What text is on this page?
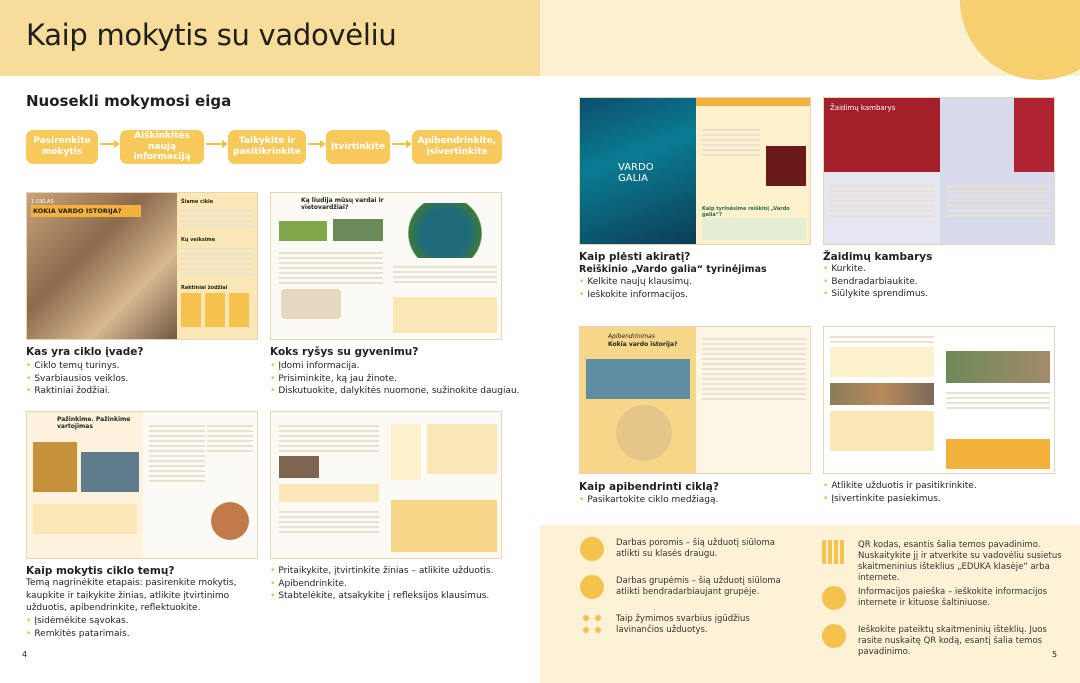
Kaip mokytis su vadovėliu
Nuosekli mokymosi eiga
Pasirenkite mokytis
Aiškinkitės naują informaciją
Taikykite ir pasitikrinkite
Įtvirtinkite
Apibendrinkite, įsivertinkite
1 CIKLAS
KOKIA VARDO ISTORIJA?
Šiame cikle
Kų veiksime
Raktiniai žodžiai
Ką liudija mūsų vardai ir vietovardžiai?
Kas yra ciklo įvade?
• Ciklo temų turinys.
• Svarbiausios veiklos.
• Raktiniai žodžiai.
Koks ryšys su gyvenimu?
• Įdomi informacija.
• Prisiminkite, ką jau žinote.
• Diskutuokite, dalykitės nuomone, sužinokite daugiau.
Pažinkime. Pažinkime vartojimas
Kaip mokytis ciklo temų?
Temą nagrinėkite etapais: pasirenkite mokytis, kaupkite ir taikykite žinias, atlikite įtvirtinimo užduotis, apibendrinkite, reflektuokite.
• Įsidėmėkite sąvokas.
• Remkitės patarimais.
• Pritaikykite, įtvirtinkite žinias – atlikite užduotis.
• Apibendrinkite.
• Stabtelėkite, atsakykite į refleksijos klausimus.
VARDO GALIA
Kaip tyrinėsime reiškinį „Vardo galia“?
Žaidimų kambarys
Kaip plėsti akiratį?
Reiškinio „Vardo galia“ tyrinėjimas
• Kelkite naujų klausimų.
• Ieškokite informacijos.
Žaidimų kambarys
• Kurkite.
• Bendradarbiaukite.
• Siūlykite sprendimus.
Apibendrinimas
Kokia vardo istorija?
Kaip apibendrinti ciklą?
• Pasikartokite ciklo medžiagą.
• Atlikite užduotis ir pasitikrinkite.
• Įsivertinkite pasiekimus.
Darbas poromis – šią užduotį siūloma atlikti su klasės draugu.
Darbas grupėmis – šią užduotį siūloma atlikti bendradarbiaujant grupėje.
Taip žymimos svarbius įgūdžius lavinančios užduotys.
QR kodas, esantis šalia temos pavadinimo. Nuskaitykite jį ir atverkite su vadovėliu susietus skaitmeninius išteklius „EDUKA klasėje“ arba internete.
Informacijos paieška – ieškokite informacijos internete ir kituose šaltiniuose.
Ieškokite pateiktų skaitmeninių išteklių. Juos rasite nuskaitę QR kodą, esantį šalia temos pavadinimo.
4	5
